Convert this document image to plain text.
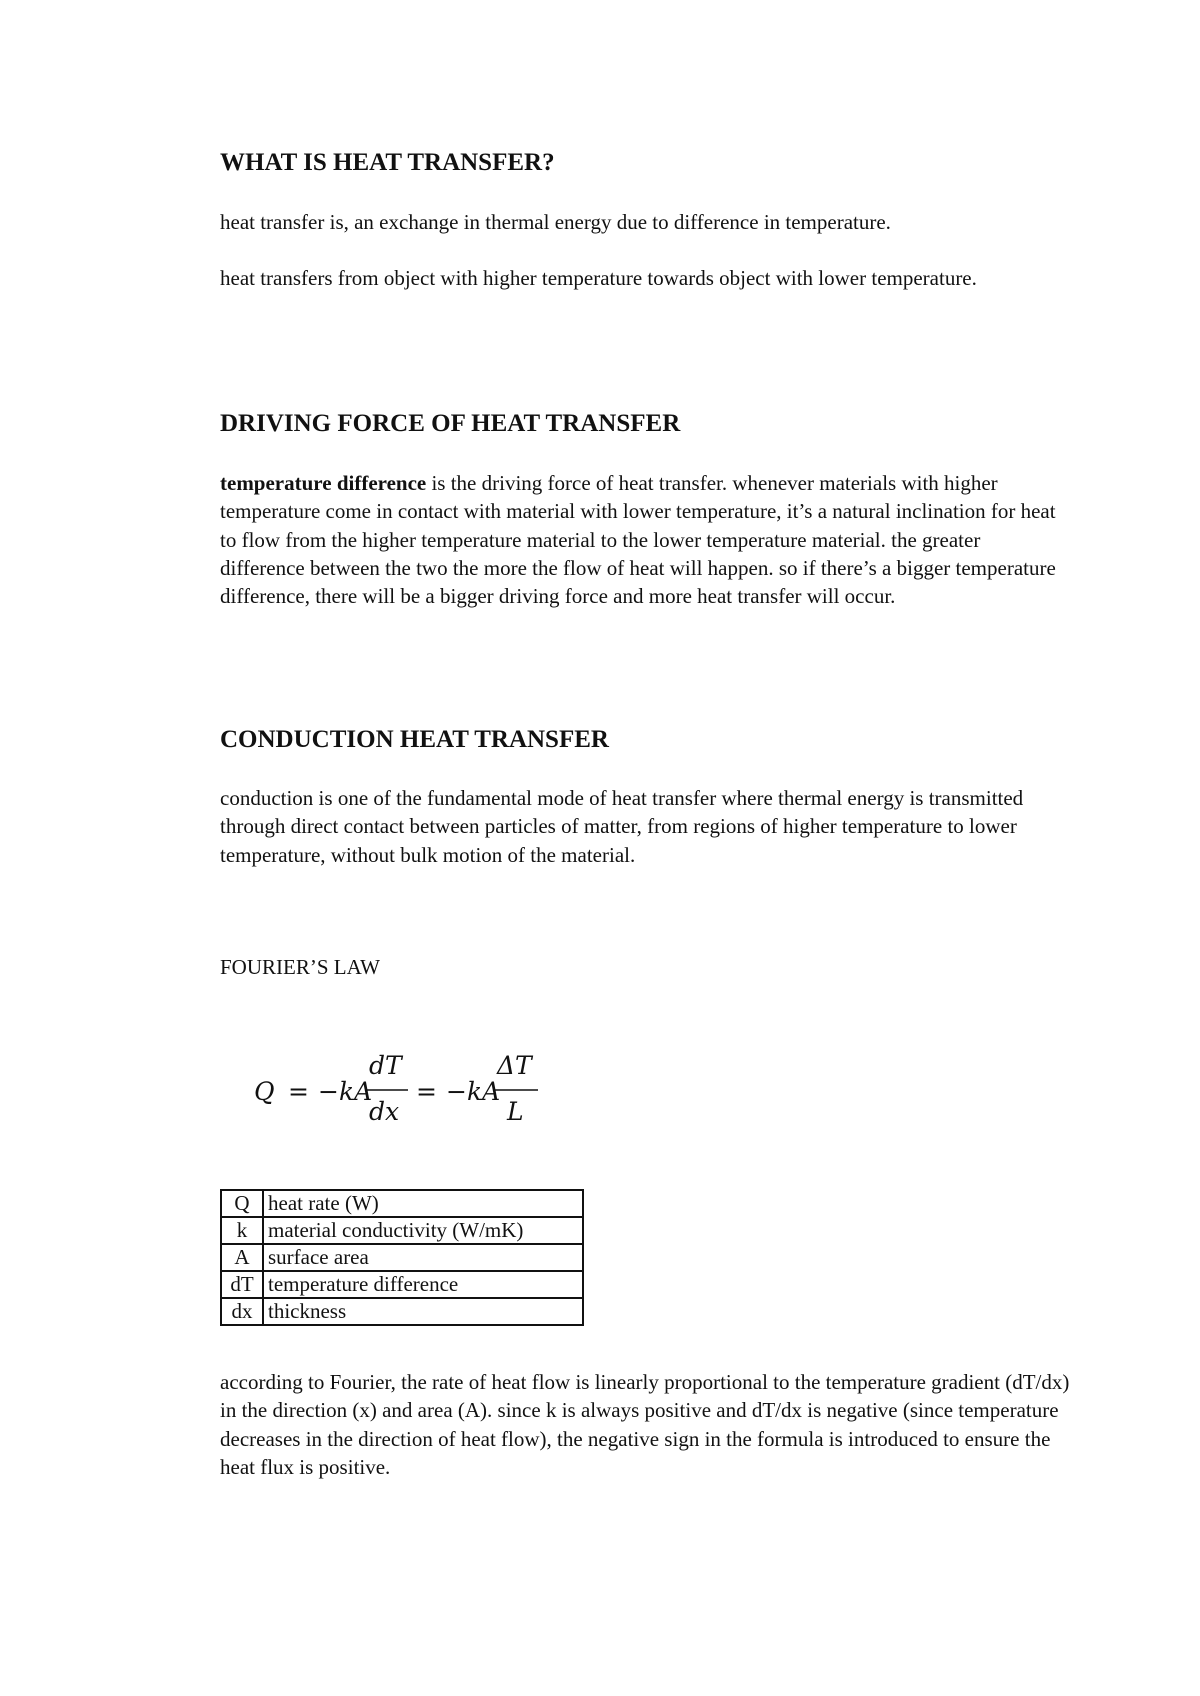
WHAT IS HEAT TRANSFER?

heat transfer is, an exchange in thermal energy due to difference in temperature.

heat transfers from object with higher temperature towards object with lower temperature.

DRIVING FORCE OF HEAT TRANSFER

temperature difference is the driving force of heat transfer. whenever materials with higher temperature come in contact with material with lower temperature, it’s a natural inclination for heat to flow from the higher temperature material to the lower temperature material. the greater difference between the two the more the flow of heat will happen. so if there’s a bigger temperature difference, there will be a bigger driving force and more heat transfer will occur.

CONDUCTION HEAT TRANSFER

conduction is one of the fundamental mode of heat transfer where thermal energy is transmitted through direct contact between particles of matter, from regions of higher temperature to lower temperature, without bulk motion of the material.

FOURIER’S LAW

Q = −kA
dT
dx
= −kA
ΔT
L
Q	heat rate (W)
k	material conductivity (W/mK)
A	surface area
dT	temperature difference
dx	thickness

according to Fourier, the rate of heat flow is linearly proportional to the temperature gradient (dT/dx) in the direction (x) and area (A). since k is always positive and dT/dx is negative (since temperature decreases in the direction of heat flow), the negative sign in the formula is introduced to ensure the heat flux is positive.
